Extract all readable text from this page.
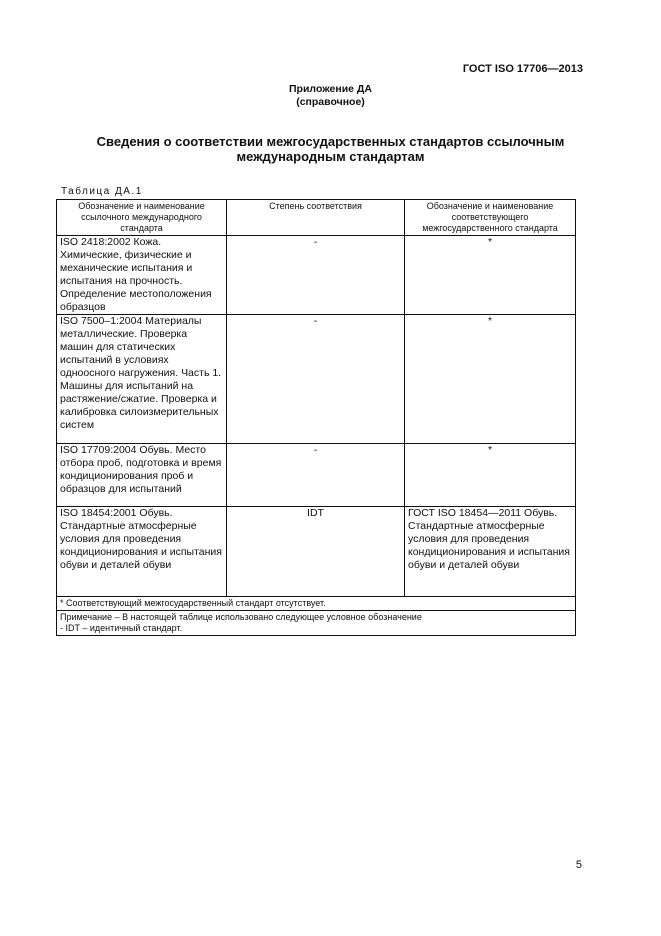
ГОСТ ISO 17706—2013
Приложение ДА
(справочное)
Сведения о соответствии межгосударственных стандартов ссылочным
международным стандартам
Таблица ДА.1
Обозначение и наименование ссылочного международного стандарта	Степень соответствия	Обозначение и наименование соответствующего межгосударственного стандарта
ISO 2418:2002 Кожа. Химические, физические и механические испытания и испытания на прочность. Определение местоположения образцов	-	*
ISO 7500–1:2004 Материалы металлические. Проверка машин для статических испытаний в условиях одноосного нагружения. Часть 1. Машины для испытаний на растяжение/сжатие. Проверка и калибровка силоизмерительных систем	-	*
ISO 17709:2004 Обувь. Место отбора проб, подготовка и время кондиционирования проб и образцов для испытаний	-	*
ISO 18454:2001 Обувь. Стандартные атмосферные условия для проведения кондиционирования и испытания обуви и деталей обуви	IDT	ГОСТ ISO 18454—2011 Обувь. Стандартные атмосферные условия для проведения кондиционирования и испытания обуви и деталей обуви
* Соответствующий межгосударственный стандарт отсутствует.		

Примечание – В настоящей таблице использовано следующее условное обозначение
- IDT – идентичный стандарт.		
5
